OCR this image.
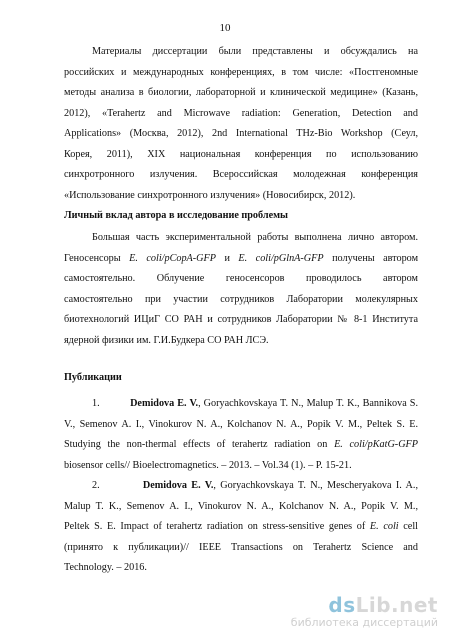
10

Материалы диссертации были представлены и обсуждались на

российских и международных конференциях, в том числе: «Постгеномные

методы анализа в биологии, лабораторной и клинической медицине» (Казань,

2012), «Terahertz and Microwave radiation: Generation, Detection and

Applications» (Москва, 2012), 2nd International THz-Bio Workshop (Сеул,

Корея, 2011), XIX национальная конференция по использованию

синхротронного излучения. Всероссийская молодежная конференция

«Использование синхротронного излучения» (Новосибирск, 2012).

Личный вклад автора в исследование проблемы

Большая часть экспериментальной работы выполнена лично автором.

Геносенсоры E. coli/pCopA-GFP и E. coli/pGlnA-GFP получены автором

самостоятельно. Облучение геносенсоров проводилось автором

самостоятельно при участии сотрудников Лаборатории молекулярных

биотехнологий ИЦиГ СО РАН и сотрудников Лаборатории № 8-1 Института

ядерной физики им. Г.И.Будкера СО РАН ЛСЭ.

Публикации

1.          Demidova E. V., Goryachkovskaya T. N., Malup T. K., Bannikova S.

V., Semenov A. I., Vinokurov N. A., Kolchanov N. A., Popik V. M., Peltek S. E.

Studying the non-thermal effects of terahertz radiation on E. coli/pKatG-GFP

biosensor cells// Bioelectromagnetics. – 2013. – Vol.34 (1). – P. 15-21.

2.          Demidova E. V., Goryachkovskaya T. N., Mescheryakova I. A.,

Malup T. K., Semenov A. I., Vinokurov N. A., Kolchanov N. A., Popik V. M.,

Peltek S. E. Impact of terahertz radiation on stress-sensitive genes of E. coli cell

(принято к публикации)// IEEE Transactions on Terahertz Science and

Technology. – 2016.

dsLib.net
библиотека диссертаций
